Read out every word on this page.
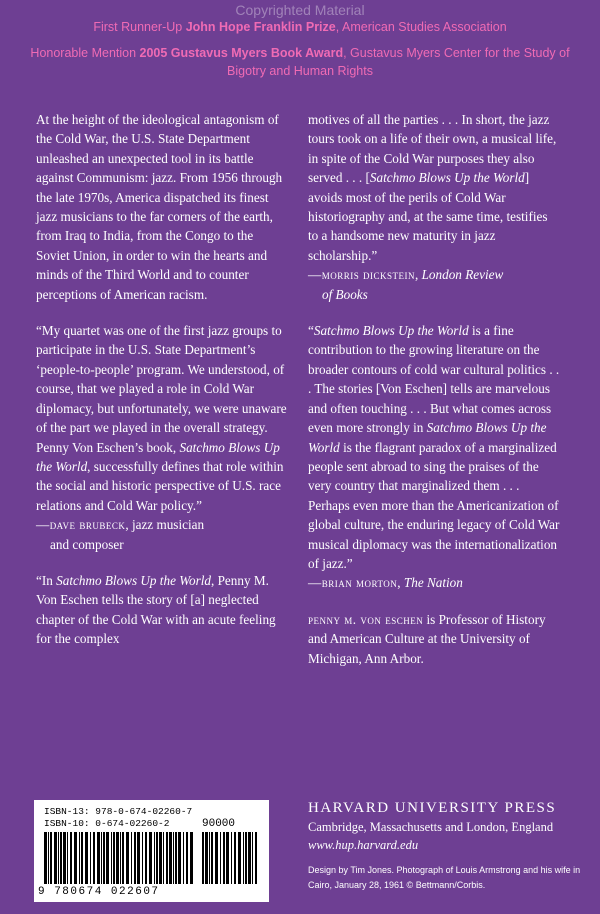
Copyrighted Material

First Runner-Up John Hope Franklin Prize, American Studies Association

Honorable Mention 2005 Gustavus Myers Book Award, Gustavus Myers Center for the Study of Bigotry and Human Rights

At the height of the ideological antagonism of the Cold War, the U.S. State Department unleashed an unexpected tool in its battle against Communism: jazz. From 1956 through the late 1970s, America dispatched its finest jazz musicians to the far corners of the earth, from Iraq to India, from the Congo to the Soviet Union, in order to win the hearts and minds of the Third World and to counter perceptions of American racism.

“My quartet was one of the first jazz groups to participate in the U.S. State Department’s ‘people-to-people’ program. We understood, of course, that we played a role in Cold War diplomacy, but unfortunately, we were unaware of the part we played in the overall strategy. Penny Von Eschen’s book, Satchmo Blows Up the World, successfully defines that role within the social and historic perspective of U.S. race relations and Cold War policy.”

—dave brubeck, jazz musician
and composer

“In Satchmo Blows Up the World, Penny M. Von Eschen tells the story of [a] neglected chapter of the Cold War with an acute feeling for the complex

motives of all the parties . . . In short, the jazz tours took on a life of their own, a musical life, in spite of the Cold War purposes they also served . . . [Satchmo Blows Up the World] avoids most of the perils of Cold War historiography and, at the same time, testifies to a handsome new maturity in jazz scholarship.”

—morris dickstein, London Review
of Books

“Satchmo Blows Up the World is a fine contribution to the growing literature on the broader contours of cold war cultural politics . . . The stories [Von Eschen] tells are marvelous and often touching . . . But what comes across even more strongly in Satchmo Blows Up the World is the flagrant paradox of a marginalized people sent abroad to sing the praises of the very country that marginalized them . . . Perhaps even more than the Americanization of global culture, the enduring legacy of Cold War musical diplomacy was the internationalization of jazz.”

—brian morton, The Nation

penny m. von eschen is Professor of History and American Culture at the University of Michigan, Ann Arbor.

ISBN-13: 978-0-674-02260-7
ISBN-10: 0-674-02260-2	90000
9 780674 022607
HARVARD UNIVERSITY PRESS
Cambridge, Massachusetts and London, England
www.hup.harvard.edu
Design by Tim Jones. Photograph of Louis Armstrong and his wife in Cairo, January 28, 1961 © Bettmann/Corbis.
